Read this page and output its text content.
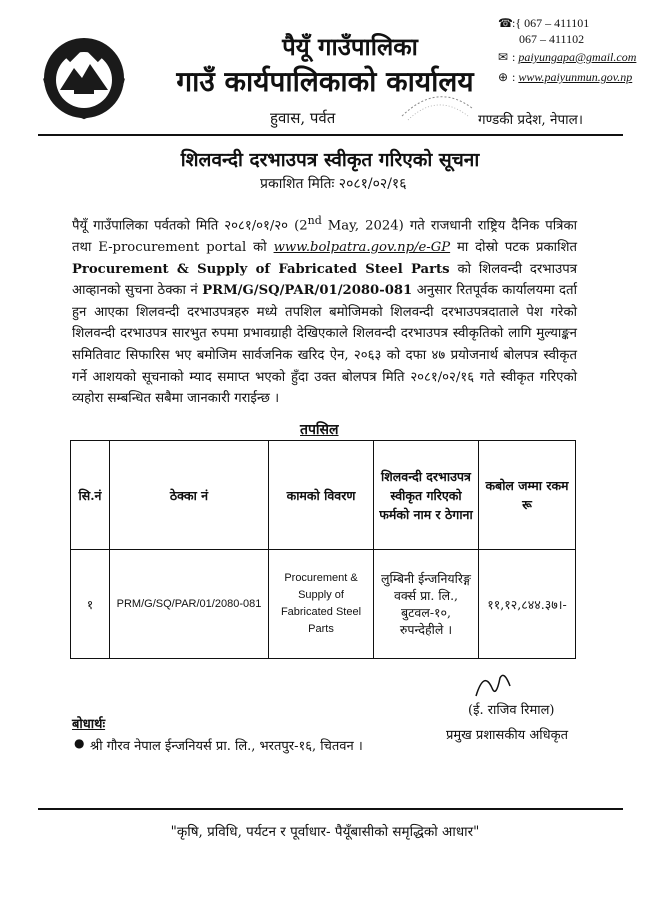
पैयूँ गाउँपालिका
गाउँ कार्यपालिकाको कार्यालय
हुवास, पर्वत	गण्डकी प्रदेश, नेपाल।
☎:{ 067 – 411101
067 – 411102
✉ : paiyungapa@gmail.com
⊕ : www.paiyunmun.gov.np
शिलवन्दी दरभाउपत्र स्वीकृत गरिएको सूचना
प्रकाशित मितिः २०८१/०२/१६
पैयूँ गाउँपालिका पर्वतको मिति २०८१/०१/२० (2nd May, 2024) गते राजधानी राष्ट्रिय दैनिक पत्रिका तथा E-procurement portal को www.bolpatra.gov.np/e-GP मा दोस्रो पटक प्रकाशित Procurement & Supply of Fabricated Steel Parts को शिलवन्दी दरभाउपत्र आव्हानको सुचना ठेक्का नं PRM/G/SQ/PAR/01/2080-081 अनुसार रितपूर्वक कार्यालयमा दर्ता हुन आएका शिलवन्दी दरभाउपत्रहरु मध्ये तपशिल बमोजिमको शिलवन्दी दरभाउपत्रदाताले पेश गरेको शिलवन्दी दरभाउपत्र सारभुत रुपमा प्रभावग्राही देखिएकाले शिलवन्दी दरभाउपत्र स्वीकृतिको लागि मुल्याङ्कन समितिवाट सिफारिस भए बमोजिम सार्वजनिक खरिद ऐन, २०६३ को दफा ४७ प्रयोजनार्थ बोलपत्र स्वीकृत गर्ने आशयको सूचनाको म्याद समाप्त भएको हुँदा उक्त बोलपत्र मिति २०८१/०२/१६ गते स्वीकृत गरिएको व्यहोरा सम्बन्धित सबैमा जानकारी गराईन्छ ।
तपसिल
सि.नं	ठेक्का नं	कामको विवरण	शिलवन्दी दरभाउपत्र स्वीकृत गरिएको फर्मको नाम र ठेगाना	कबोल जम्मा रकम रू
१	PRM/G/SQ/PAR/01/2080-081	Procurement & Supply of Fabricated Steel Parts	लुम्बिनी ईन्जनियरिङ्ग वर्क्स प्रा. लि., बुटवल-१०, रुपन्देहीले ।	११,१२,८४४.३७।-
(ई. राजिव रिमाल)
प्रमुख प्रशासकीय अधिकृत
बोधार्थः
● श्री गौरव नेपाल ईन्जनियर्स प्रा. लि., भरतपुर-१६, चितवन ।
"कृषि, प्रविधि, पर्यटन र पूर्वाधार- पैयूँबासीको समृद्धिको आधार"
